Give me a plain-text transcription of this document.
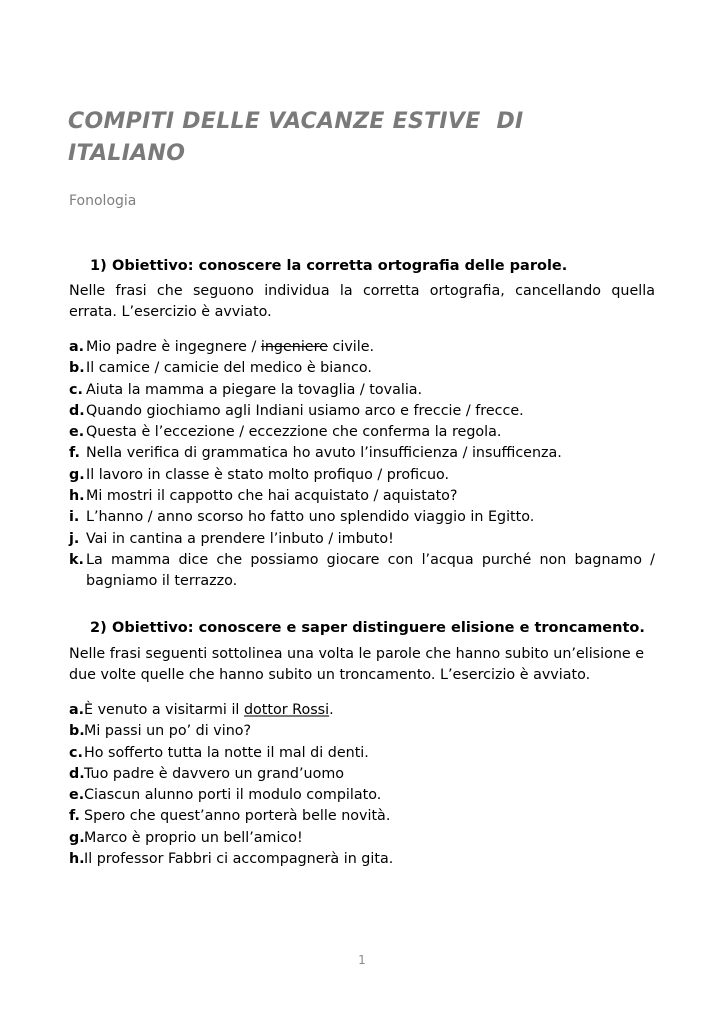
COMPITI DELLE VACANZE ESTIVE  DI
ITALIANO
Fonologia
1) Obiettivo: conoscere la corretta ortografia delle parole.
Nelle frasi che seguono individua la corretta ortografia, cancellando quella errata. L’esercizio è avviato.
a. Mio padre è ingegnere / ingeniere civile.
b. Il camice / camicie del medico è bianco.
c. Aiuta la mamma a piegare la tovaglia / tovalia.
d. Quando giochiamo agli Indiani usiamo arco e freccie / frecce.
e. Questa è l’eccezione / eccezzione che conferma la regola.
f. Nella verifica di grammatica ho avuto l’insufficienza / insufficenza.
g. Il lavoro in classe è stato molto profiquo / proficuo.
h. Mi mostri il cappotto che hai acquistato / aquistato?
i. L’hanno / anno scorso ho fatto uno splendido viaggio in Egitto.
j. Vai in cantina a prendere l’inbuto / imbuto!
k. La mamma dice che possiamo giocare con l’acqua purché non bagnamo / bagniamo il terrazzo.
2) Obiettivo: conoscere e saper distinguere elisione e troncamento.
Nelle frasi seguenti sottolinea una volta le parole che hanno subito un’elisione e due volte quelle che hanno subito un troncamento. L’esercizio è avviato.
a. È venuto a visitarmi il dottor Rossi.
b. Mi passi un po’ di vino?
c. Ho sofferto tutta la notte il mal di denti.
d. Tuo padre è davvero un grand’uomo
e. Ciascun alunno porti il modulo compilato.
f. Spero che quest’anno porterà belle novità.
g. Marco è proprio un bell’amico!
h. Il professor Fabbri ci accompagnerà in gita.
1
